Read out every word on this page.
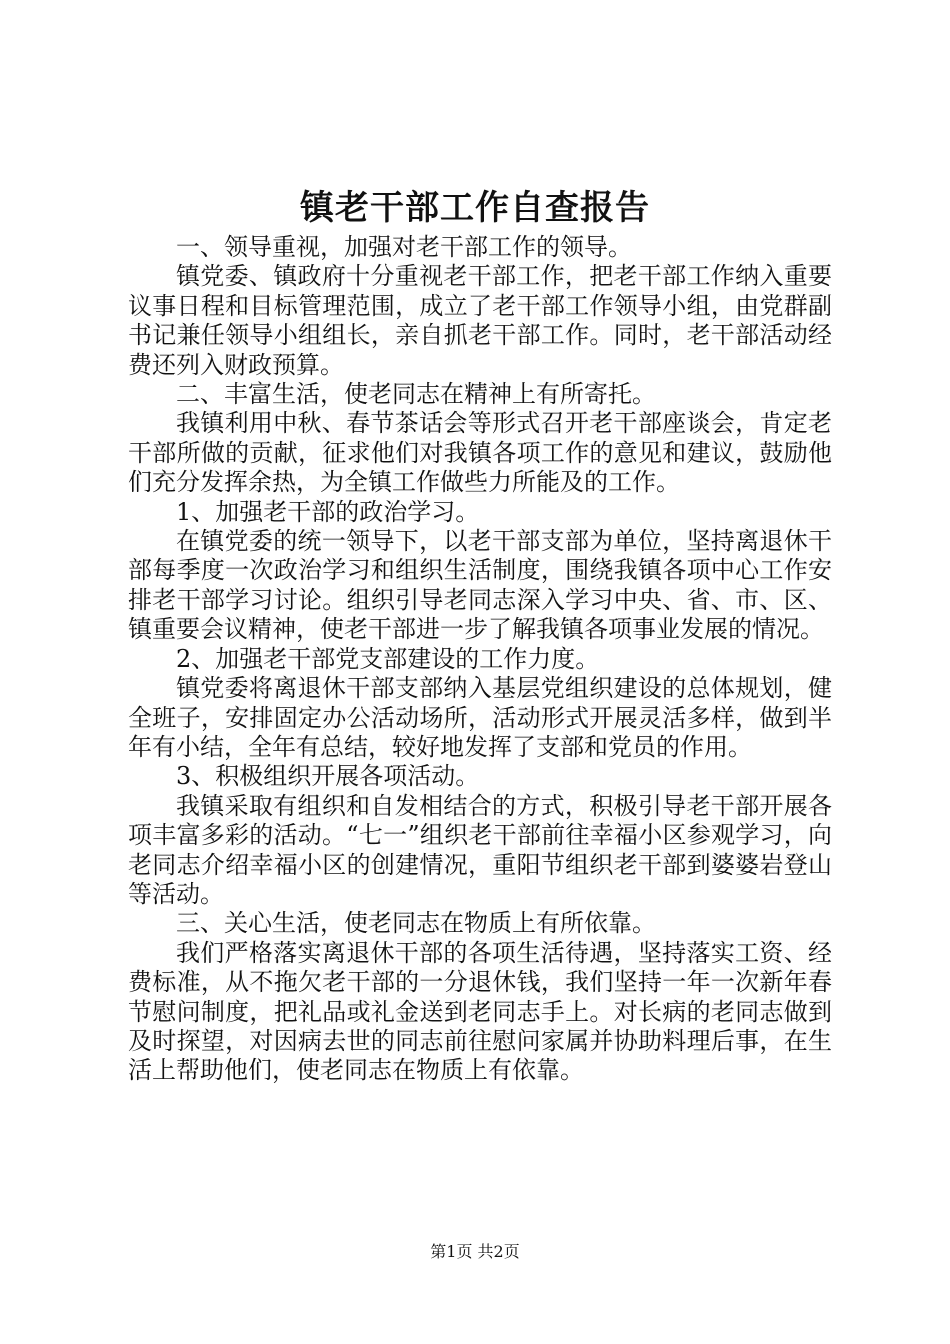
镇老干部工作自查报告

一、领导重视，加强对老干部工作的领导。

镇党委、镇政府十分重视老干部工作，把老干部工作纳入重要议事日程和目标管理范围，成立了老干部工作领导小组，由党群副书记兼任领导小组组长，亲自抓老干部工作。同时，老干部活动经费还列入财政预算。

二、丰富生活，使老同志在精神上有所寄托。

我镇利用中秋、春节茶话会等形式召开老干部座谈会，肯定老干部所做的贡献，征求他们对我镇各项工作的意见和建议，鼓励他们充分发挥余热，为全镇工作做些力所能及的工作。

1、加强老干部的政治学习。

在镇党委的统一领导下，以老干部支部为单位，坚持离退休干部每季度一次政治学习和组织生活制度，围绕我镇各项中心工作安排老干部学习讨论。组织引导老同志深入学习中央、省、市、区、镇重要会议精神，使老干部进一步了解我镇各项事业发展的情况。

2、加强老干部党支部建设的工作力度。

镇党委将离退休干部支部纳入基层党组织建设的总体规划，健全班子，安排固定办公活动场所，活动形式开展灵活多样，做到半年有小结，全年有总结，较好地发挥了支部和党员的作用。

3、积极组织开展各项活动。

我镇采取有组织和自发相结合的方式，积极引导老干部开展各项丰富多彩的活动。“七一”组织老干部前往幸福小区参观学习，向老同志介绍幸福小区的创建情况，重阳节组织老干部到婆婆岩登山等活动。

三、关心生活，使老同志在物质上有所依靠。

我们严格落实离退休干部的各项生活待遇，坚持落实工资、经费标准，从不拖欠老干部的一分退休钱，我们坚持一年一次新年春节慰问制度，把礼品或礼金送到老同志手上。对长病的老同志做到及时探望，对因病去世的同志前往慰问家属并协助料理后事，在生活上帮助他们，使老同志在物质上有依靠。

第1页 共2页
